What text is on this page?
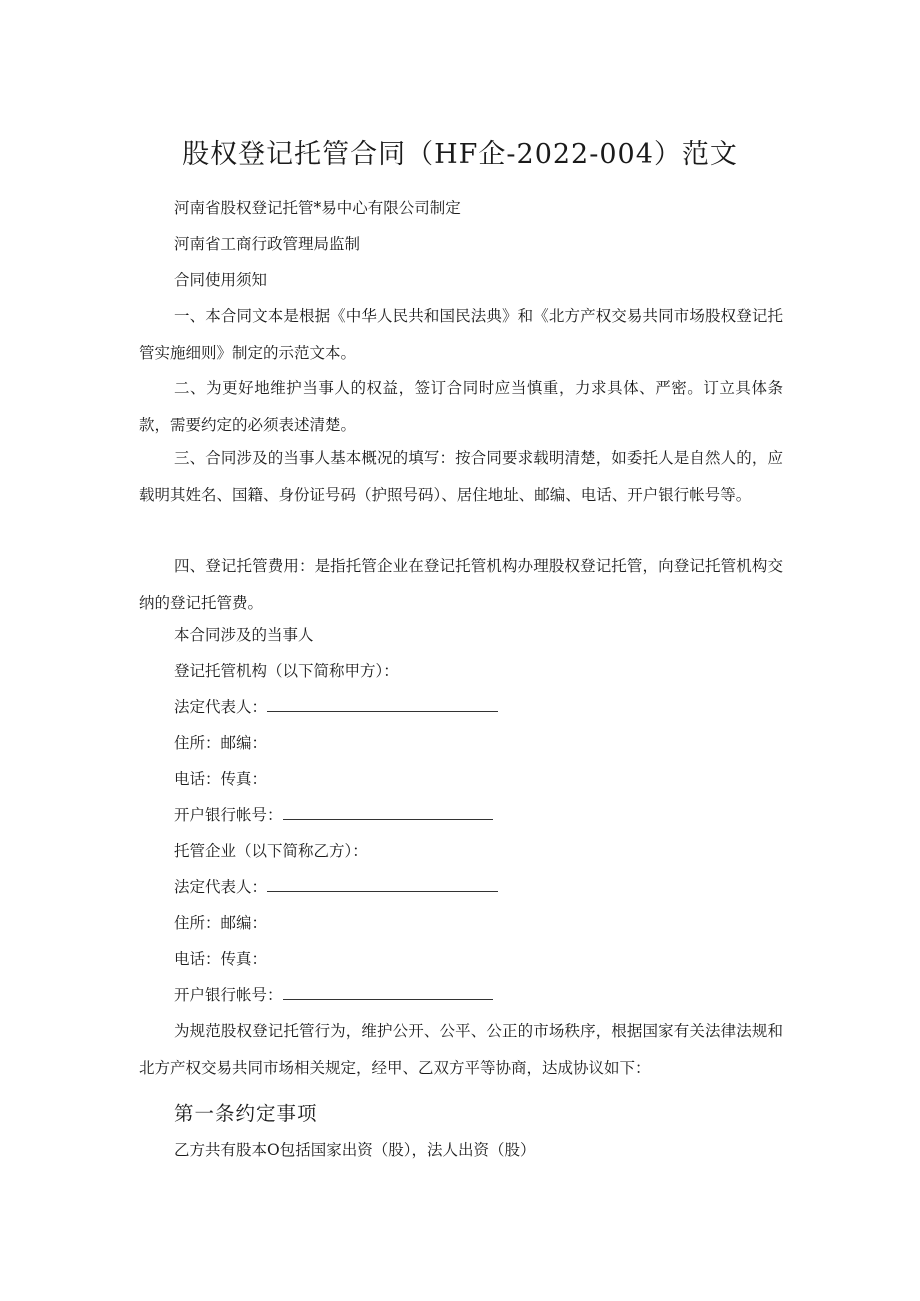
股权登记托管合同（HF企-2022-004）范文
河南省股权登记托管*易中心有限公司制定
河南省工商行政管理局监制
合同使用须知
一、本合同文本是根据《中华人民共和国民法典》和《北方产权交易共同市场股权登记托管实施细则》制定的示范文本。
二、为更好地维护当事人的权益，签订合同时应当慎重，力求具体、严密。订立具体条款，需要约定的必须表述清楚。
三、合同涉及的当事人基本概况的填写：按合同要求载明清楚，如委托人是自然人的，应载明其姓名、国籍、身份证号码（护照号码）、居住地址、邮编、电话、开户银行帐号等。
四、登记托管费用：是指托管企业在登记托管机构办理股权登记托管，向登记托管机构交纳的登记托管费。
本合同涉及的当事人
登记托管机构（以下简称甲方）：
法定代表人：
住所：邮编：
电话：传真：
开户银行帐号：
托管企业（以下简称乙方）：
法定代表人：
住所：邮编：
电话：传真：
开户银行帐号：
为规范股权登记托管行为，维护公开、公平、公正的市场秩序，根据国家有关法律法规和北方产权交易共同市场相关规定，经甲、乙双方平等协商，达成协议如下：
第一条约定事项
乙方共有股本O包括国家出资（股），法人出资（股）
